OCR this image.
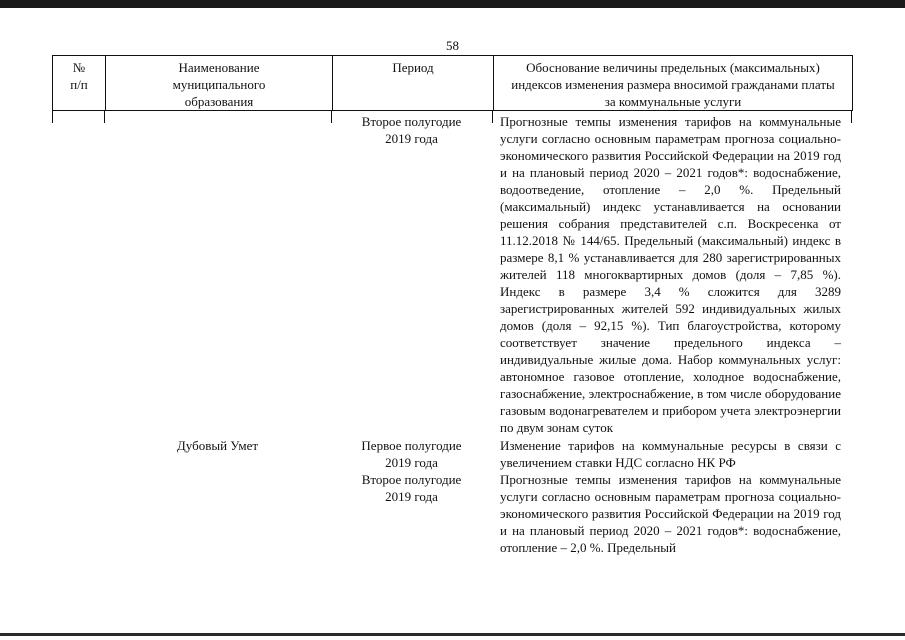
58
№
п/п
Наименование
муниципального
образования
Период	Обоснование величины предельных (максимальных)
индексов изменения размера вносимой гражданами платы
за коммунальные услуги
Второе полугодие
2019 года
Прогнозные темпы изменения тарифов на коммунальные услуги согласно основным параметрам прогноза социально-экономического развития Российской Федерации на 2019 год и на плановый период 2020 – 2021 годов*: водоснабжение, водоотведение, отопление – 2,0 %. Предельный (максимальный) индекс устанавливается на основании решения собрания представителей с.п. Воскресенка от 11.12.2018 № 144/65. Предельный (максимальный) индекс в размере 8,1 % устанавливается для 280 зарегистрированных жителей 118 многоквартирных домов (доля – 7,85 %). Индекс в размере 3,4 % сложится для 3289 зарегистрированных жителей 592 индивидуальных жилых домов (доля – 92,15 %). Тип благоустройства, которому соответствует значение предельного индекса – индивидуальные жилые дома. Набор коммунальных услуг: автономное газовое отопление, холодное водоснабжение, газоснабжение, электроснабжение, в том числе оборудование газовым водонагревателем и прибором учета электроэнергии по двум зонам суток
Дубовый Умет	Первое полугодие
2019 года
Второе полугодие
2019 года
Изменение тарифов на коммунальные ресурсы в связи с увеличением ставки НДС согласно НК РФ
Прогнозные темпы изменения тарифов на коммунальные услуги согласно основным параметрам прогноза социально-экономического развития Российской Федерации на 2019 год и на плановый период 2020 – 2021 годов*: водоснабжение, отопление – 2,0 %. Предельный
